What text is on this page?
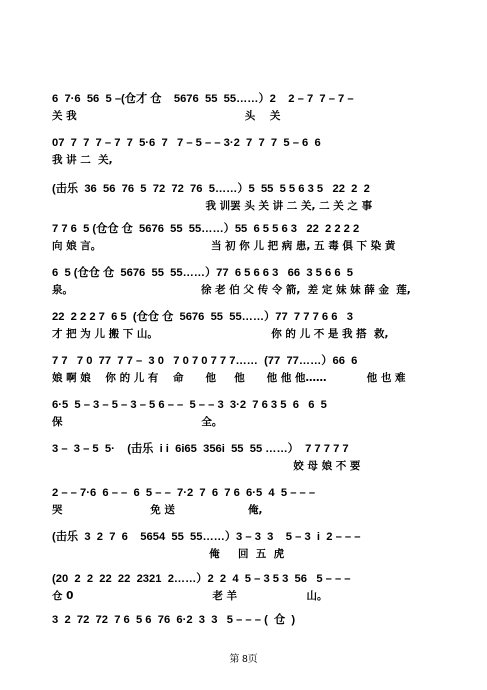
6  7·6  56  5 –(仓才 仓    5676  55  55……）2    2 – 7  7 – 7 –
关 我                                              头    关
07  7  7  7 – 7  7  5·6  7   7 – 5 – – 3·2  7  7  7  5 – 6  6
我 讲 二  关,
(击乐  36  56  76  5  72  72  76  5……）5  55  5 5 6 3 5   22  2  2
我 训罢 头 关 讲 二 关, 二 关 之 事
7 7 6  5 (仓仓 仓  5676  55  55……）55  6 5 5 6 3   22  2 2 2 2
向 娘 言。                              当 初 你 儿 把 病 患, 五 毒 俱 下 染 黄
6  5 (仓仓 仓  5676  55  55……）77  6 5 6 6 3   66  3 5 6 6  5
泉。                                   徐 老 伯 父 传 令 箭,  差 定 妹 妹 薛 金  莲,
22  2 2 2 7  6 5  (仓仓 仓  5676  55  55……）77  7 7 7 6 6   3
才 把 为 儿 搬 下 山。                               你 的 儿 不 是 我 搭  救,
7 7   7 0  77  7 7 –  3 0   7 0 7 0 7 7 7……  (77  77……）66  6
娘 啊 娘    你 的 儿 有    命      他     他      他 他 他……           他 也 难
6·5  5 – 3 – 5 – 3 – 5 6 – –  5 – – 3  3·2  7 6 3 5  6   6  5
保                                      全。
3 –  3 – 5  5·    (击乐  i i  6i65  356i  55  55 ……）  7 7 7 7 7
姣 母 娘 不 要
2 – – 7·6  6 – –  6  5 – –  7·2  7  6  7 6  6·5  4  5 – – –
哭                        免 送                    俺,
(击乐  3  2  7  6    5654  55  55……）3 – 3  3    5 – 3  i  2 – – –
俺     回  五  虎
(20  2  2  22  22  2321  2……）2  2  4  5 – 3 5 3  56   5 – – –
仓 0                                      老 羊                   山。
3  2  72  72  7 6  5 6  76  6·2  3  3   5 – – – (  仓  )
第 8页
